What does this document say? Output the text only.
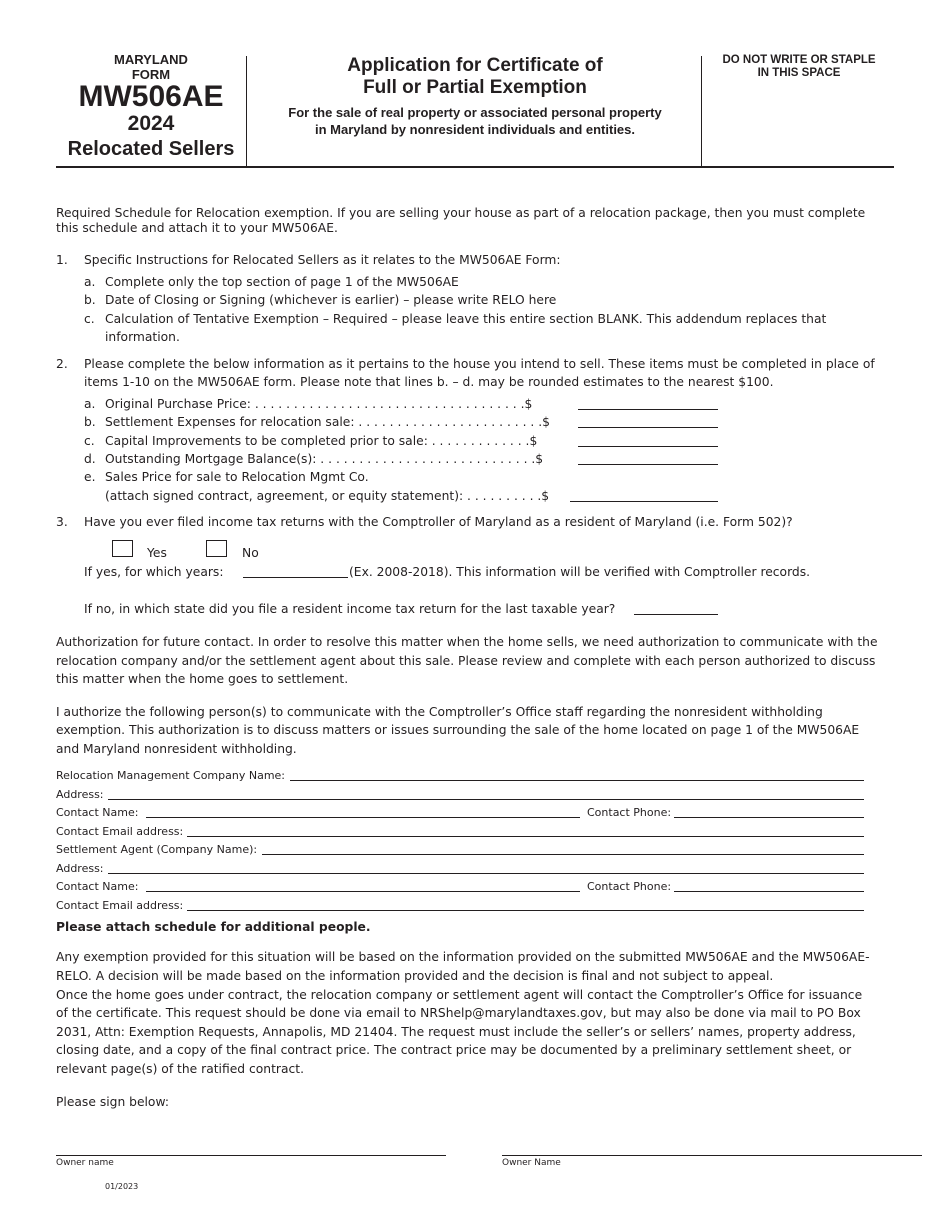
MARYLAND
FORM
MW506AE
2024
Relocated Sellers
Application for Certificate of
Full or Partial Exemption
For the sale of real property or associated personal property
in Maryland by nonresident individuals and entities.
DO NOT WRITE OR STAPLE
IN THIS SPACE
Required Schedule for Relocation exemption. If you are selling your house as part of a relocation package, then you must complete
this schedule and attach it to your MW506AE.
1. Specific Instructions for Relocated Sellers as it relates to the MW506AE Form:
a. Complete only the top section of page 1 of the MW506AE
b. Date of Closing or Signing (whichever is earlier) – please write RELO here
c. Calculation of Tentative Exemption – Required – please leave this entire section BLANK. This addendum replaces that
information.
2. Please complete the below information as it pertains to the house you intend to sell. These items must be completed in place of
items 1-10 on the MW506AE form. Please note that lines b. – d. may be rounded estimates to the nearest $100.
a. Original Purchase Price: . . . . . . . . . . . . . . . . . . . . . . . . . . . . . . . . . . .$
b. Settlement Expenses for relocation sale: . . . . . . . . . . . . . . . . . . . . . . . .$
c. Capital Improvements to be completed prior to sale: . . . . . . . . . . . . .$
d. Outstanding Mortgage Balance(s): . . . . . . . . . . . . . . . . . . . . . . . . . . . .$
e. Sales Price for sale to Relocation Mgmt Co.
(attach signed contract, agreement, or equity statement): . . . . . . . . . .$
3. Have you ever filed income tax returns with the Comptroller of Maryland as a resident of Maryland (i.e. Form 502)?
Yes	No
If yes, for which years:	(Ex. 2008-2018). This information will be verified with Comptroller records.
If no, in which state did you file a resident income tax return for the last taxable year?
Authorization for future contact. In order to resolve this matter when the home sells, we need authorization to communicate with the
relocation company and/or the settlement agent about this sale. Please review and complete with each person authorized to discuss
this matter when the home goes to settlement.
I authorize the following person(s) to communicate with the Comptroller’s Office staff regarding the nonresident withholding
exemption. This authorization is to discuss matters or issues surrounding the sale of the home located on page 1 of the MW506AE
and Maryland nonresident withholding.
Relocation Management Company Name:
Address:
Contact Name:	Contact Phone:
Contact Email address:
Settlement Agent (Company Name):
Address:
Contact Name:	Contact Phone:
Contact Email address:
Please attach schedule for additional people.
Any exemption provided for this situation will be based on the information provided on the submitted MW506AE and the MW506AE-
RELO. A decision will be made based on the information provided and the decision is final and not subject to appeal.
Once the home goes under contract, the relocation company or settlement agent will contact the Comptroller’s Office for issuance
of the certificate. This request should be done via email to NRShelp@marylandtaxes.gov, but may also be done via mail to PO Box
2031, Attn: Exemption Requests, Annapolis, MD 21404. The request must include the seller’s or sellers’ names, property address,
closing date, and a copy of the final contract price. The contract price may be documented by a preliminary settlement sheet, or
relevant page(s) of the ratified contract.
Please sign below:
Owner name	Owner Name
01/2023
